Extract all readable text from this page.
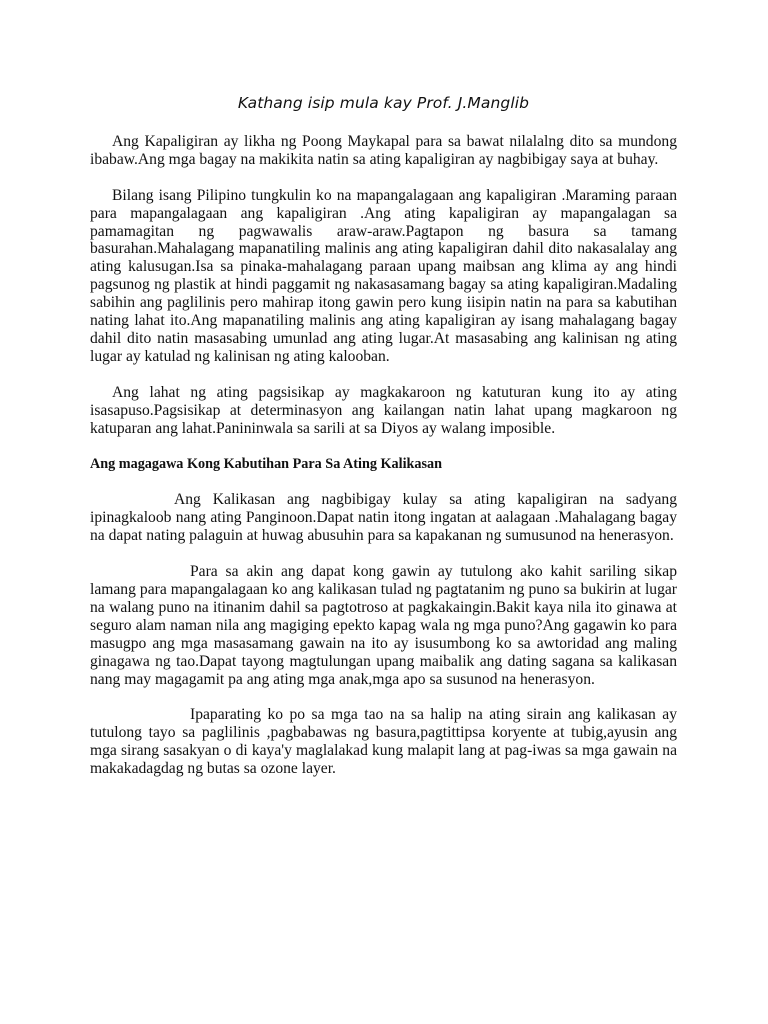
Kathang isip mula kay Prof. J.Manglib

Ang Kapaligiran ay likha ng Poong Maykapal para sa bawat nilalalng dito sa mundong ibabaw.Ang mga bagay na makikita natin sa ating kapaligiran ay nagbibigay saya at buhay.

Bilang isang Pilipino tungkulin ko na mapangalagaan ang kapaligiran .Maraming paraan para mapangalagaan ang kapaligiran .Ang ating kapaligiran ay mapangalagan sa pamamagitan ng pagwawalis araw-araw.Pagtapon ng basura sa tamang basurahan.Mahalagang mapanatiling malinis ang ating kapaligiran dahil dito nakasalalay ang ating kalusugan.Isa sa pinaka-mahalagang paraan upang maibsan ang klima ay ang hindi pagsunog ng plastik at hindi paggamit ng nakasasamang bagay sa ating kapaligiran.Madaling sabihin ang paglilinis pero mahirap itong gawin pero kung iisipin natin na para sa kabutihan nating lahat ito.Ang mapanatiling malinis ang ating kapaligiran ay isang mahalagang bagay dahil dito natin masasabing umunlad ang ating lugar.At masasabing ang kalinisan ng ating lugar ay katulad ng kalinisan ng ating kalooban.

Ang lahat ng ating pagsisikap ay magkakaroon ng katuturan kung ito ay ating isasapuso.Pagsisikap at determinasyon ang kailangan natin lahat upang magkaroon ng katuparan ang lahat.Panininwala sa sarili at sa Diyos ay walang imposible.

Ang magagawa Kong Kabutihan Para Sa Ating Kalikasan

Ang Kalikasan ang nagbibigay kulay sa ating kapaligiran na sadyang ipinagkaloob nang ating Panginoon.Dapat natin itong ingatan at aalagaan .Mahalagang bagay na dapat nating palaguin at huwag abusuhin para sa kapakanan ng sumusunod na henerasyon.

Para sa akin ang dapat kong gawin ay tutulong ako kahit sariling sikap lamang para mapangalagaan ko ang kalikasan tulad ng pagtatanim ng puno sa bukirin at lugar na walang puno na itinanim dahil sa pagtotroso at pagkakaingin.Bakit kaya nila ito ginawa at seguro alam naman nila ang magiging epekto kapag wala ng mga puno?Ang gagawin ko para masugpo ang mga masasamang gawain na ito ay isusumbong ko sa awtoridad ang maling ginagawa ng tao.Dapat tayong magtulungan upang maibalik ang dating sagana sa kalikasan nang may magagamit pa ang ating mga anak,mga apo sa susunod na henerasyon.

Ipaparating ko po sa mga tao na sa halip na ating sirain ang kalikasan ay tutulong tayo sa paglilinis ,pagbabawas ng basura,pagtittipsa koryente at tubig,ayusin ang mga sirang sasakyan o di kaya'y maglalakad kung malapit lang at pag-iwas sa mga gawain na makakadagdag ng butas sa ozone layer.
